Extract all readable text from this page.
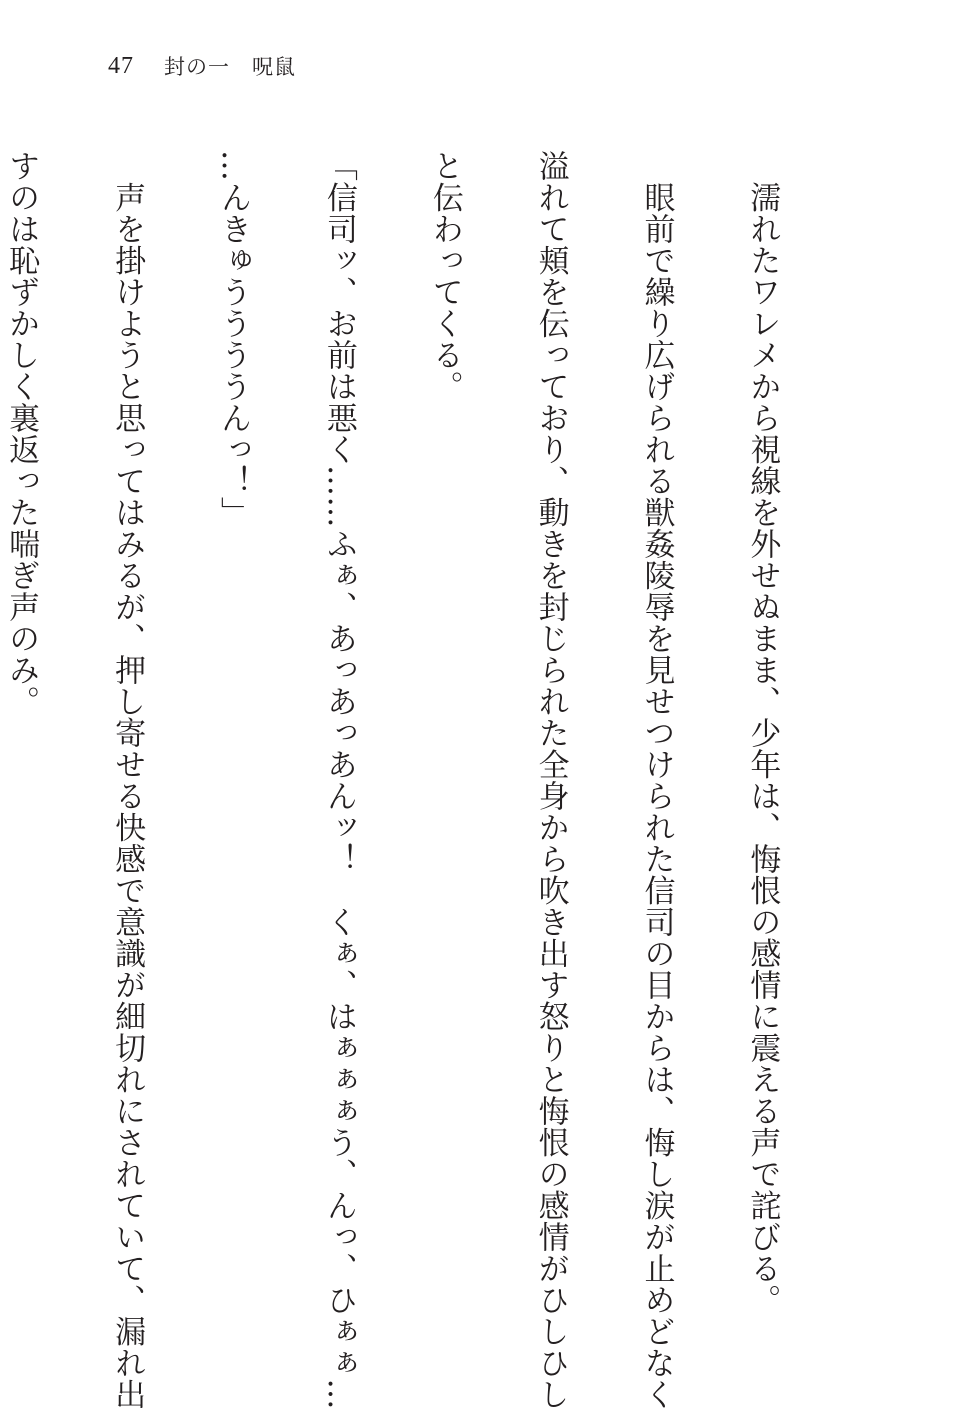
47 封の一　呪鼠

　濡れたワレメから視線を外せぬまま、少年は、悔恨の感情に震える声で詫びる。

　眼前で繰り広げられる獣姦陵辱を見せつけられた信司の目からは、悔し涙が止めどなく

溢れて頬を伝っており、動きを封じられた全身から吹き出す怒りと悔恨の感情がひしひし

と伝わってくる。

「信司ッ、お前は悪く……ふぁ、あっあっあんッ！　くぁ、はぁぁぁう、んっ、ひぁぁ…

…んきゅううううんっ！」

　声を掛けようと思ってはみるが、押し寄せる快感で意識が細切れにされていて、漏れ出

すのは恥ずかしく裏返った喘ぎ声のみ。
